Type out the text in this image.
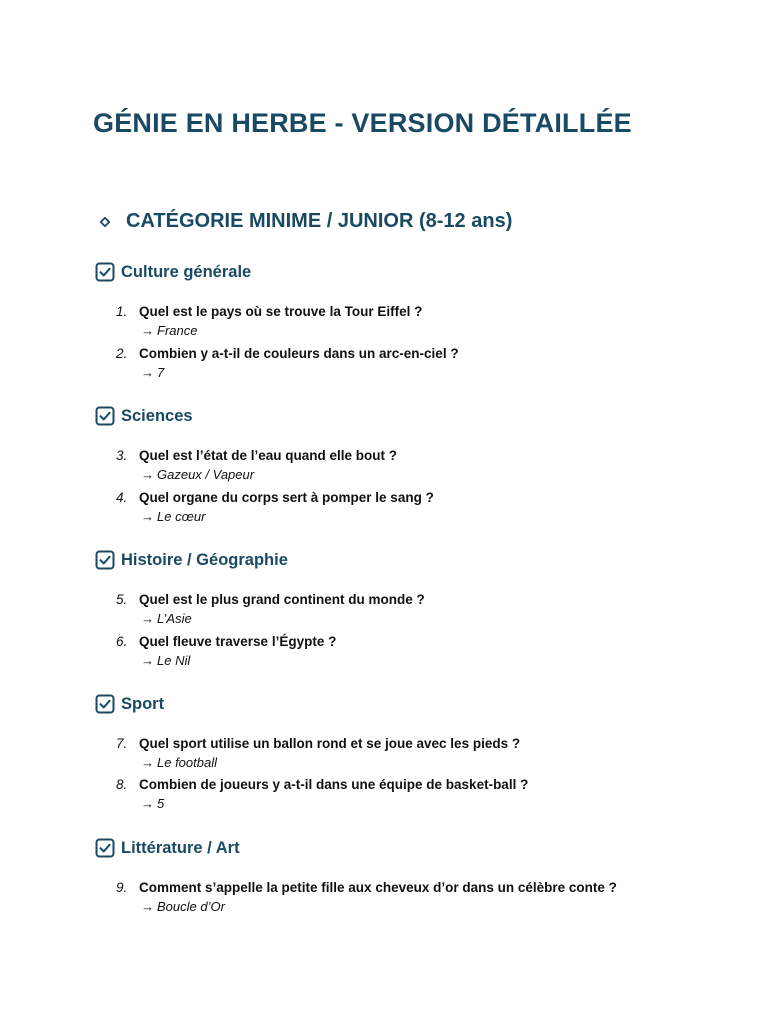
GÉNIE EN HERBE - VERSION DÉTAILLÉE
CATÉGORIE MINIME / JUNIOR (8-12 ans)
Culture générale
1. Quel est le pays où se trouve la Tour Eiffel ?
→ France
2. Combien y a-t-il de couleurs dans un arc-en-ciel ?
→ 7
Sciences
3. Quel est l’état de l’eau quand elle bout ?
→ Gazeux / Vapeur
4. Quel organe du corps sert à pomper le sang ?
→ Le cœur
Histoire / Géographie
5. Quel est le plus grand continent du monde ?
→ L’Asie
6. Quel fleuve traverse l’Égypte ?
→ Le Nil
Sport
7. Quel sport utilise un ballon rond et se joue avec les pieds ?
→ Le football
8. Combien de joueurs y a-t-il dans une équipe de basket-ball ?
→ 5
Littérature / Art
9. Comment s’appelle la petite fille aux cheveux d’or dans un célèbre conte ?
→ Boucle d’Or
